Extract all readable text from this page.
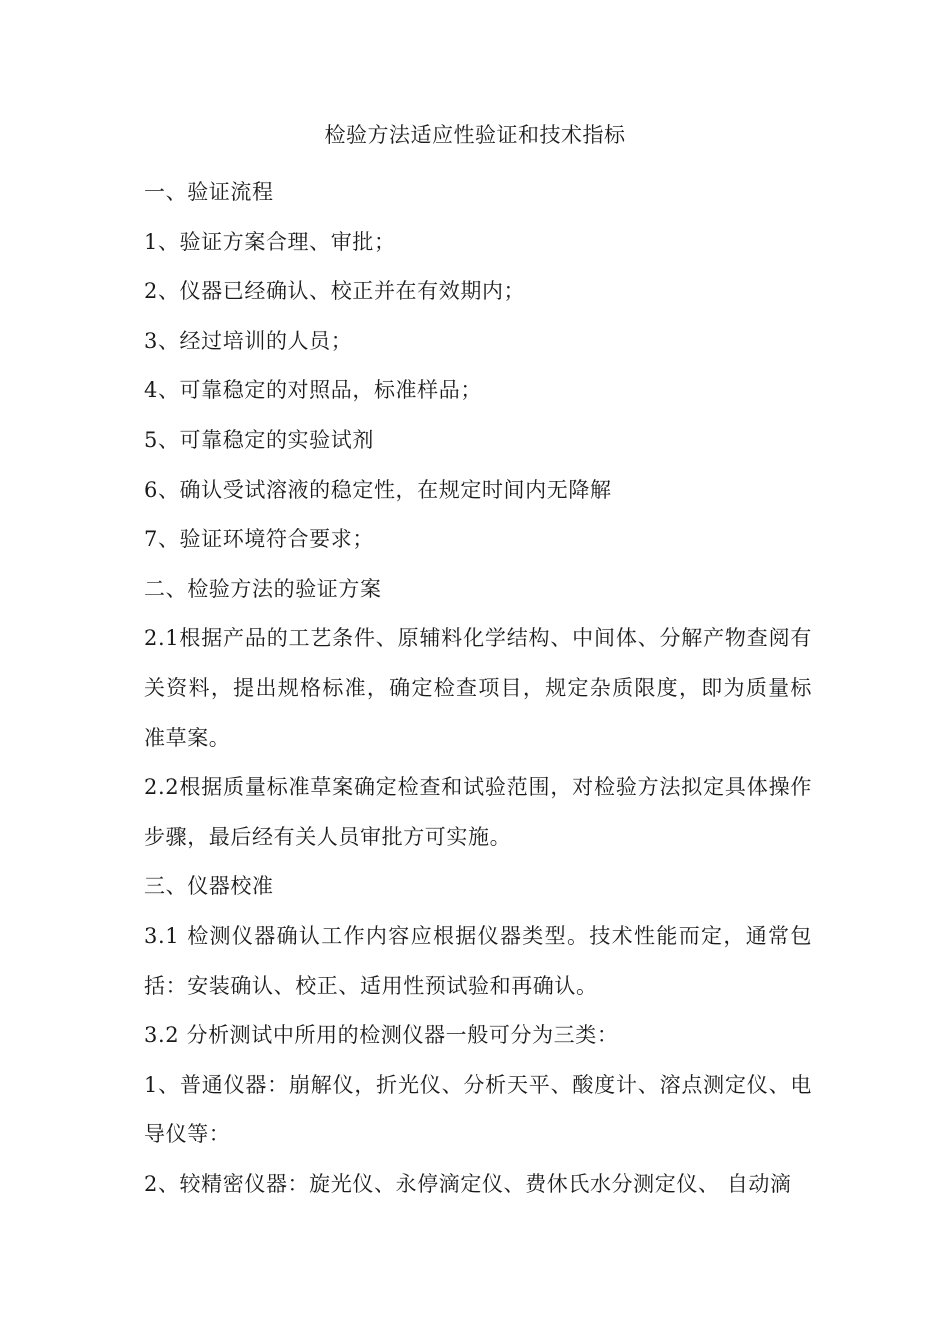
检验方法适应性验证和技术指标

一、验证流程

1、验证方案合理、审批；

2、仪器已经确认、校正并在有效期内；

3、经过培训的人员；

4、可靠稳定的对照品，标准样品；

5、可靠稳定的实验试剂

6、确认受试溶液的稳定性，在规定时间内无降解

7、验证环境符合要求；

二、检验方法的验证方案

2.1根据产品的工艺条件、原辅料化学结构、中间体、分解产物查阅有关资料，提出规格标准，确定检查项目，规定杂质限度，即为质量标准草案。

2.2根据质量标准草案确定检查和试验范围，对检验方法拟定具体操作步骤，最后经有关人员审批方可实施。

三、仪器校准

3.1 检测仪器确认工作内容应根据仪器类型。技术性能而定，通常包括：安装确认、校正、适用性预试验和再确认。

3.2 分析测试中所用的检测仪器一般可分为三类：

1、普通仪器：崩解仪，折光仪、分析天平、酸度计、溶点测定仪、电导仪等：

2、较精密仪器：旋光仪、永停滴定仪、费休氏水分测定仪、 自动滴
